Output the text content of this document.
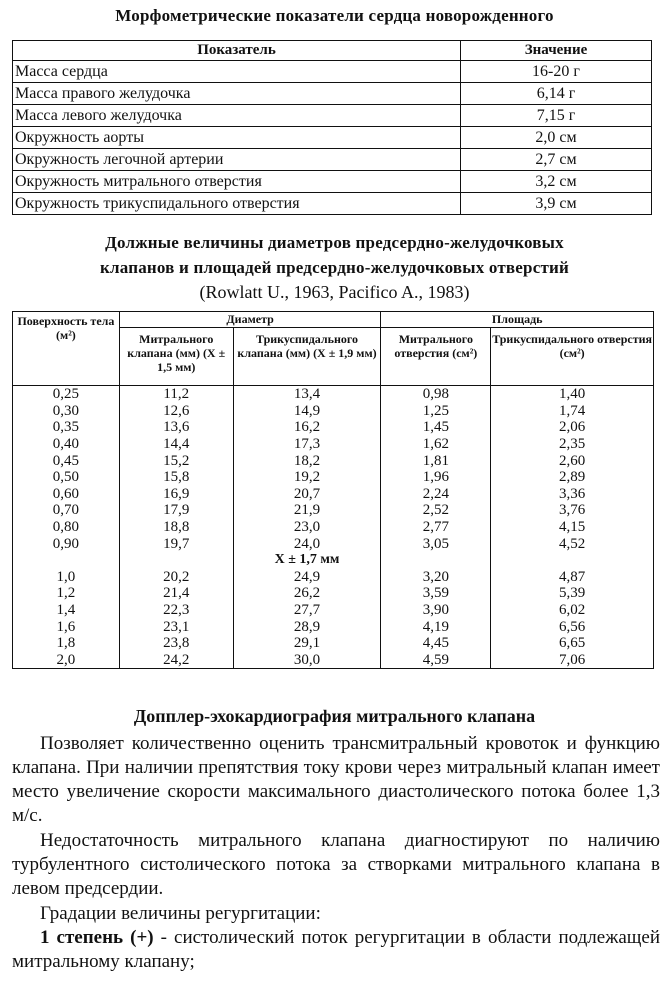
Морфометрические показатели сердца новорожденного
Показатель	Значение
Масса сердца	16-20 г
Масса правого желудочка	6,14 г
Масса левого желудочка	7,15 г
Окружность аорты	2,0 см
Окружность легочной артерии	2,7 см
Окружность митрального отверстия	3,2 см
Окружность трикуспидального отверстия	3,9 см
Должные величины диаметров предсердно-желудочковых
клапанов и площадей предсердно-желудочковых отверстий
(Rowlatt U., 1963, Pacifico A., 1983)
Поверхность тела (м²)	Диаметр		Площадь	
	Митрального клапана (мм) (X ± 1,5 мм)	Трикуспидального клапана (мм) (X ± 1,9 мм)	Митрального отверстия (см²)	Трикуспидального отверстия (см²)
0,25	11,2	13,4	0,98	1,40
0,30	12,6	14,9	1,25	1,74
0,35	13,6	16,2	1,45	2,06
0,40	14,4	17,3	1,62	2,35
0,45	15,2	18,2	1,81	2,60
0,50	15,8	19,2	1,96	2,89
0,60	16,9	20,7	2,24	3,36
0,70	17,9	21,9	2,52	3,76
0,80	18,8	23,0	2,77	4,15
0,90	19,7	24,0	3,05	4,52
		X ± 1,7 мм		
1,0	20,2	24,9	3,20	4,87
1,2	21,4	26,2	3,59	5,39
1,4	22,3	27,7	3,90	6,02
1,6	23,1	28,9	4,19	6,56
1,8	23,8	29,1	4,45	6,65
2,0	24,2	30,0	4,59	7,06
Допплер-эхокардиография митрального клапана

Позволяет количественно оценить трансмитральный кровоток и функцию клапана. При наличии препятствия току крови через митральный клапан имеет место увеличение скорости максимального диастолического потока более 1,3 м/с.

Недостаточность митрального клапана диагностируют по наличию турбулентного систолического потока за створками митрального клапана в левом предсердии.

Градации величины регургитации:

1 степень (+) - систолический поток регургитации в области подлежащей митральному клапану;
